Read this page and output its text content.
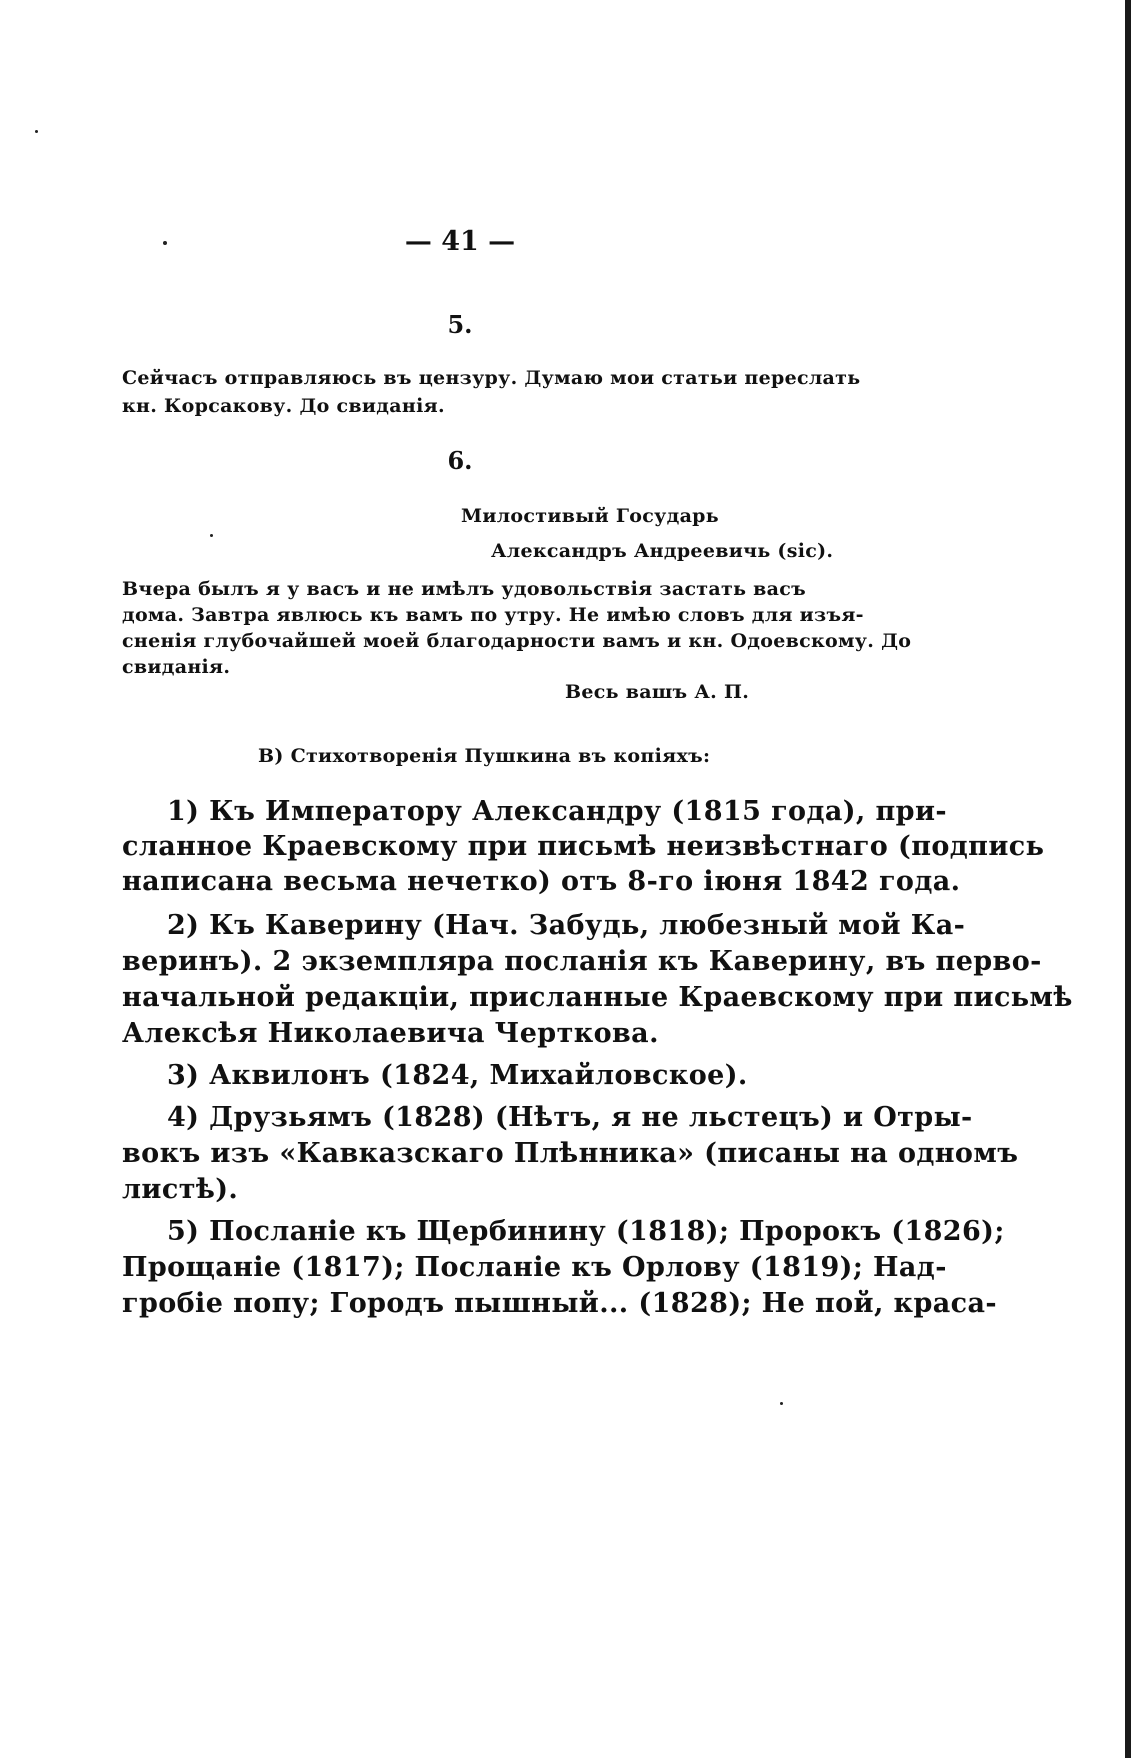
— 41 —
5.
Сейчасъ отправляюсь въ цензуру. Думаю мои статьи переслать
кн. Корсакову. До свиданія.
6.
Милостивый Государь
Александръ Андреевичь (sic).
Вчера былъ я у васъ и не имѣлъ удовольствія застать васъ
дома. Завтра явлюсь къ вамъ по утру. Не имѣю словъ для изъя-
сненія глубочайшей моей благодарности вамъ и кн. Одоевскому. До
свиданія.
Весь вашъ А. П.
В) Стихотворенія Пушкина въ копіяхъ:
1) Къ Императору Александру (1815 года), при-
сланное Краевскому при письмѣ неизвѣстнаго (подпись
написана весьма нечетко) отъ 8-го іюня 1842 года.
2) Къ Каверину (Нач. Забудь, любезный мой Ка-
веринъ). 2 экземпляра посланія къ Каверину, въ перво-
начальной редакціи, присланные Краевскому при письмѣ
Алексѣя Николаевича Черткова.
3) Аквилонъ (1824, Михайловское).
4) Друзьямъ (1828) (Нѣтъ, я не льстецъ) и Отры-
вокъ изъ «Кавказскаго Плѣнника» (писаны на одномъ
листѣ).
5) Посланіе къ Щербинину (1818); Пророкъ (1826);
Прощаніе (1817); Посланіе къ Орлову (1819); Над-
гробіе попу; Городъ пышный... (1828); Не пой, краса-
